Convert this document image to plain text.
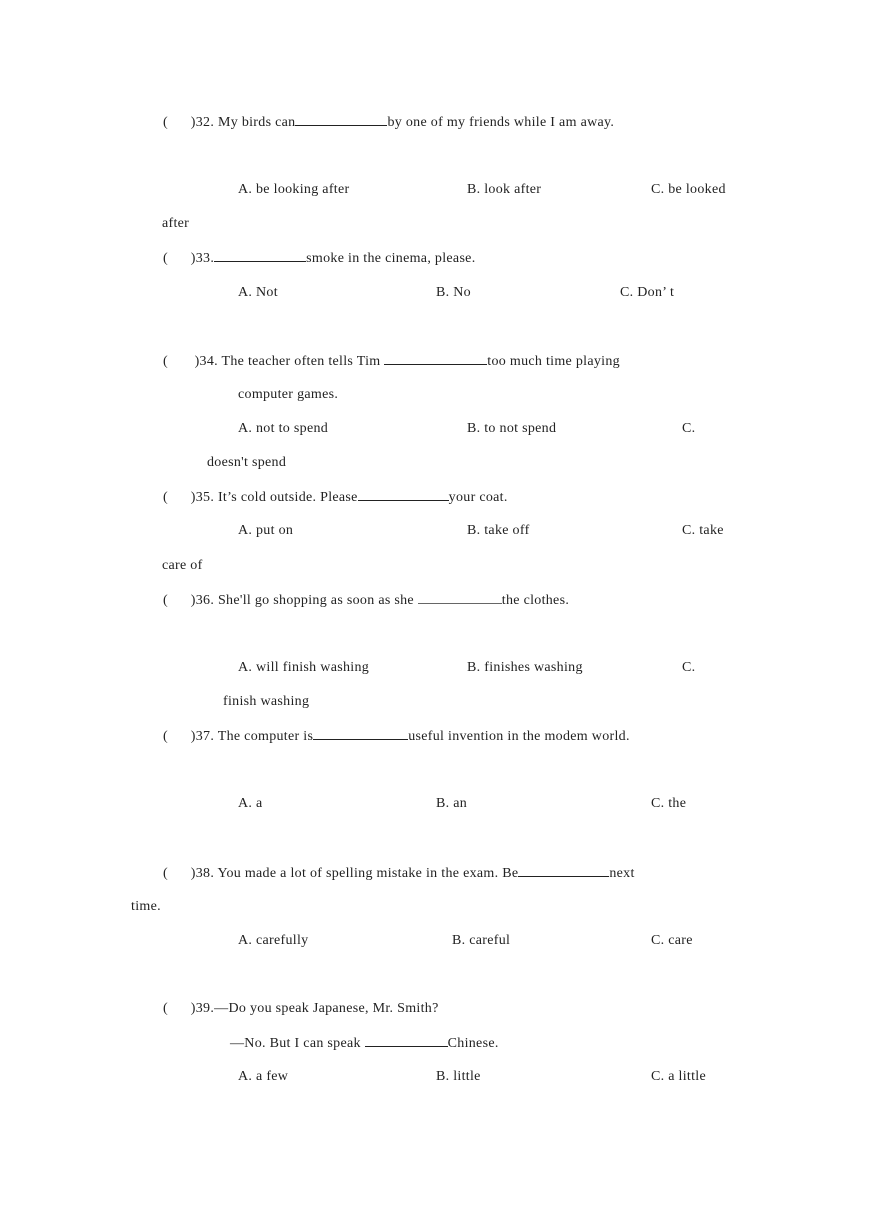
( )32. My birds can	by one of my friends while I am away.
A. be looking after	B. look after	C. be looked
after
( )33.	smoke in the cinema, please.
A. Not	B. No	C. Don’ t
( )34. The teacher often tells Tim	too much time playing
computer games.
A. not to spend	B. to not spend	C.
doesn't spend
( )35. It’s cold outside. Please	your coat.
A. put on	B. take off	C. take
care of
( )36. She'll go shopping as soon as she	the clothes.
A. will finish washing	B. finishes washing	C.
finish washing
( )37. The computer is	useful invention in the modem world.
A. a	B. an	C. the
( )38. You made a lot of spelling mistake in the exam. Be	next
time.
A. carefully	B. careful	C. care
( )39.—Do you speak Japanese, Mr. Smith?
—No. But I can speak	Chinese.
A. a few	B. little	C. a little
